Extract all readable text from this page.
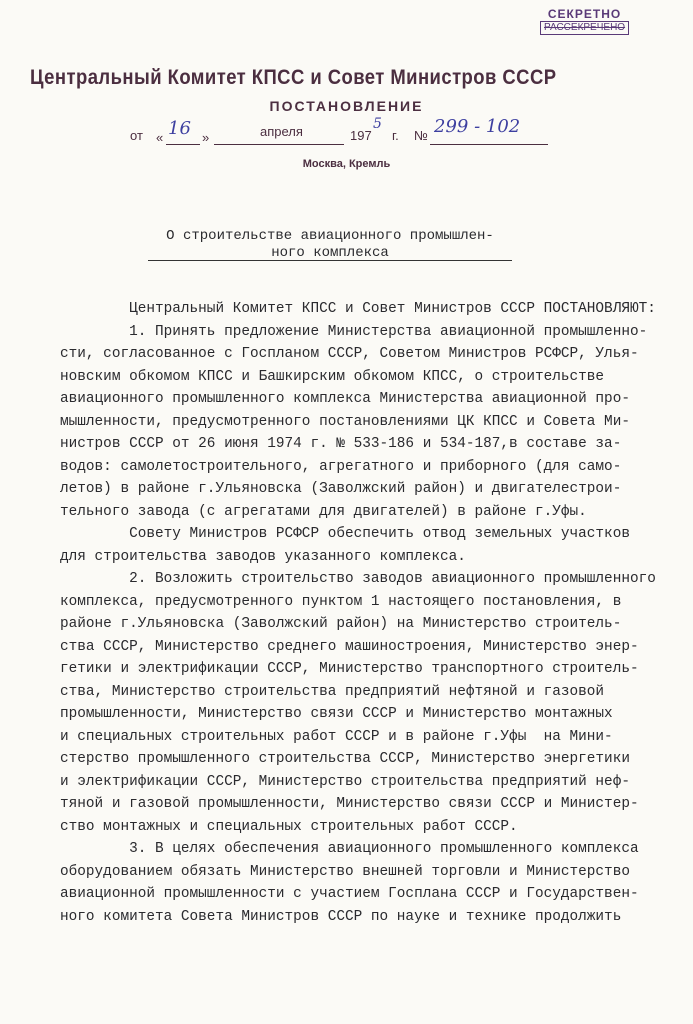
СЕКРЕТНО
РАССЕКРЕЧЕНО
Центральный Комитет КПСС и Совет Министров СССР
ПОСТАНОВЛЕНИЕ
от « 16 »	апреля	197
5
г. № 299 - 102
Москва, Кремль
О строительстве авиационного промышлен-
ного комплекса
Центральный Комитет КПСС и Совет Министров СССР ПОСТАНОВЛЯЮТ:
1. Принять предложение Министерства авиационной промышленно-
сти, согласованное с Госпланом СССР, Советом Министров РСФСР, Улья-
новским обкомом КПСС и Башкирским обкомом КПСС, о строительстве
авиационного промышленного комплекса Министерства авиационной про-
мышленности, предусмотренного постановлениями ЦК КПСС и Совета Ми-
нистров СССР от 26 июня 1974 г. № 533-186 и 534-187,в составе за-
водов: самолетостроительного, агрегатного и приборного (для само-
летов) в районе г.Ульяновска (Заволжский район) и двигателестрои-
тельного завода (с агрегатами для двигателей) в районе г.Уфы.
Совету Министров РСФСР обеспечить отвод земельных участков
для строительства заводов указанного комплекса.
2. Возложить строительство заводов авиационного промышленного
комплекса, предусмотренного пунктом 1 настоящего постановления, в
районе г.Ульяновска (Заволжский район) на Министерство строитель-
ства СССР, Министерство среднего машиностроения, Министерство энер-
гетики и электрификации СССР, Министерство транспортного строитель-
ства, Министерство строительства предприятий нефтяной и газовой
промышленности, Министерство связи СССР и Министерство монтажных
и специальных строительных работ СССР и в районе г.Уфы  на Мини-
стерство промышленного строительства СССР, Министерство энергетики
и электрификации СССР, Министерство строительства предприятий неф-
тяной и газовой промышленности, Министерство связи СССР и Министер-
ство монтажных и специальных строительных работ СССР.
3. В целях обеспечения авиационного промышленного комплекса
оборудованием обязать Министерство внешней торговли и Министерство
авиационной промышленности с участием Госплана СССР и Государствен-
ного комитета Совета Министров СССР по науке и технике продолжить
